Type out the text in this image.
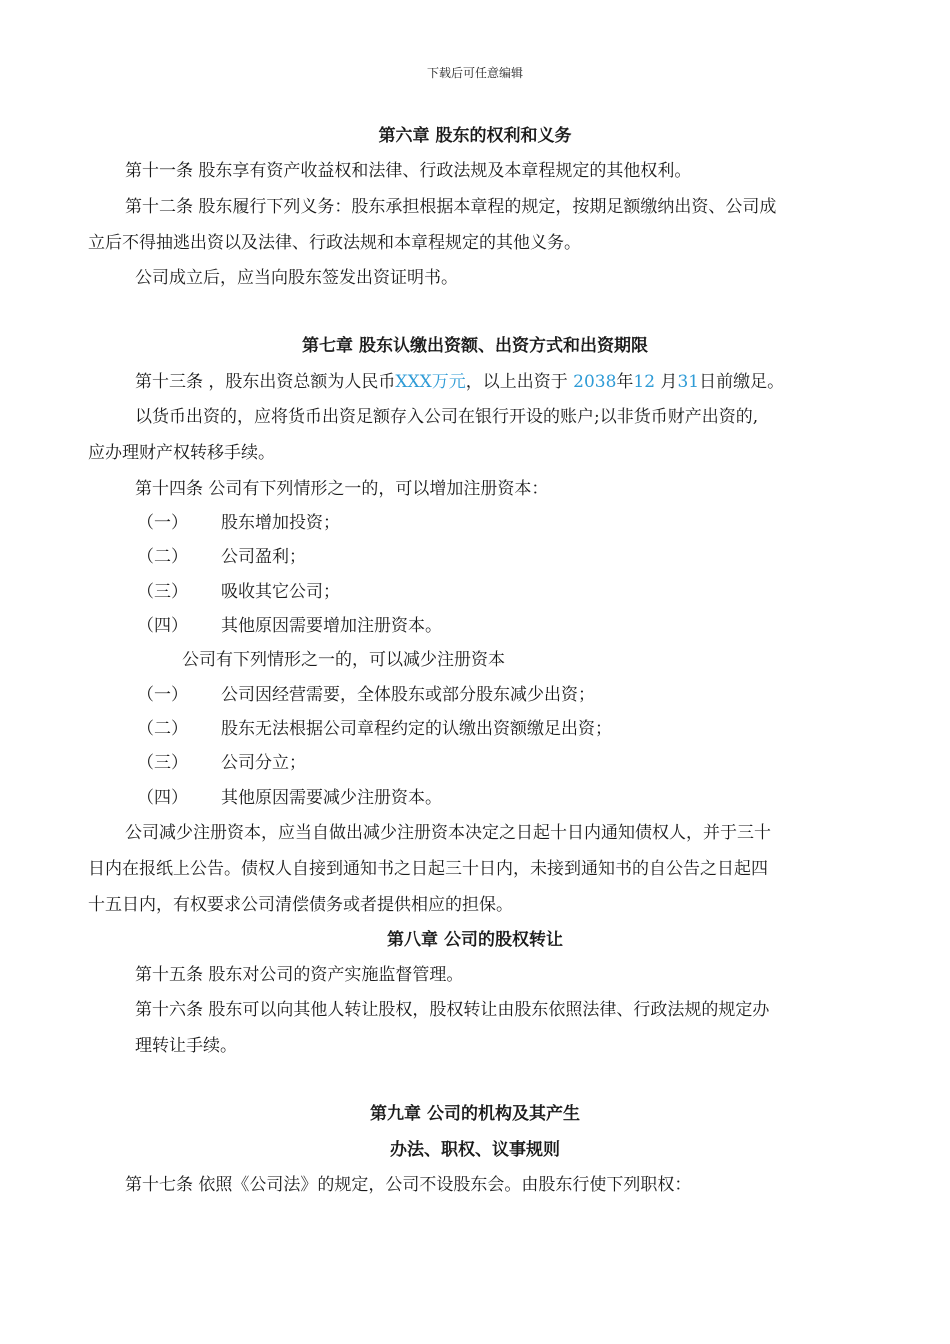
下载后可任意编辑
第六章 股东的权利和义务
第十一条 股东享有资产收益权和法律、行政法规及本章程规定的其他权利。
第十二条 股东履行下列义务：股东承担根据本章程的规定，按期足额缴纳出资、公司成
立后不得抽逃出资以及法律、行政法规和本章程规定的其他义务。
公司成立后，应当向股东签发出资证明书。
第七章 股东认缴出资额、出资方式和出资期限
第十三条 ，股东出资总额为人民币XXX万元，以上出资于 2038年12 月31日前缴足。
以货币出资的，应将货币出资足额存入公司在银行开设的账户;以非货币财产出资的,
应办理财产权转移手续。
第十四条 公司有下列情形之一的，可以增加注册资本：
（一） 股东增加投资；
（二） 公司盈利；
（三） 吸收其它公司；
（四） 其他原因需要增加注册资本。
公司有下列情形之一的，可以减少注册资本
（一） 公司因经营需要，全体股东或部分股东减少出资；
（二） 股东无法根据公司章程约定的认缴出资额缴足出资；
（三） 公司分立；
（四） 其他原因需要减少注册资本。
公司减少注册资本，应当自做出减少注册资本决定之日起十日内通知债权人，并于三十
日内在报纸上公告。债权人自接到通知书之日起三十日内，未接到通知书的自公告之日起四
十五日内，有权要求公司清偿债务或者提供相应的担保。
第八章 公司的股权转让
第十五条 股东对公司的资产实施监督管理。
第十六条 股东可以向其他人转让股权，股权转让由股东依照法律、行政法规的规定办
理转让手续。
第九章 公司的机构及其产生
办法、职权、议事规则
第十七条 依照《公司法》的规定，公司不设股东会。由股东行使下列职权：
